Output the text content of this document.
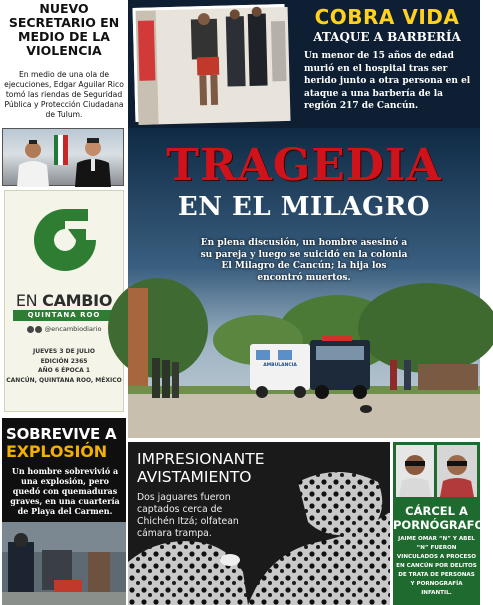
NUEVO SECRETARIO EN MEDIO DE LA VIOLENCIA

En medio de una ola de ejecuciones, Edgar Aguilar Rico tomó las riendas de Seguridad Pública y Protección Ciudadana de Tulum.

COBRA VIDA
ATAQUE A BARBERÍA

Un menor de 15 años de edad murió en el hospital tras ser herido junto a otra persona en el ataque a una barbería de la región 217 de Cancún.

EN CAMBIO
QUINTANA ROO
@encambiodiario
JUEVES 3 DE JULIO
EDICIÓN 2365
AÑO 6 ÉPOCA 1
CANCÚN, QUINTANA ROO, MÉXICO
SOBREVIVE A
EXPLOSIÓN

Un hombre sobrevivió a una explosión, pero quedó con quemaduras graves, en una cuartería de Playa del Carmen.

AMBULANCIA
TRAGEDIA
EN EL MILAGRO

En plena discusión, un hombre asesinó a su pareja y luego se suicidó en la colonia El Milagro de Cancún; la hija los encontró muertos.

IMPRESIONANTE AVISTAMIENTO

Dos jaguares fueron captados cerca de Chichén Itzá; olfatean cámara trampa.

CÁRCEL A PORNÓGRAFOS

JAIME OMAR “N” Y ABEL “N” FUERON VINCULADOS A PROCESO EN CANCÚN POR DELITOS DE TRATA DE PERSONAS Y PORNOGRAFÍA INFANTIL.
